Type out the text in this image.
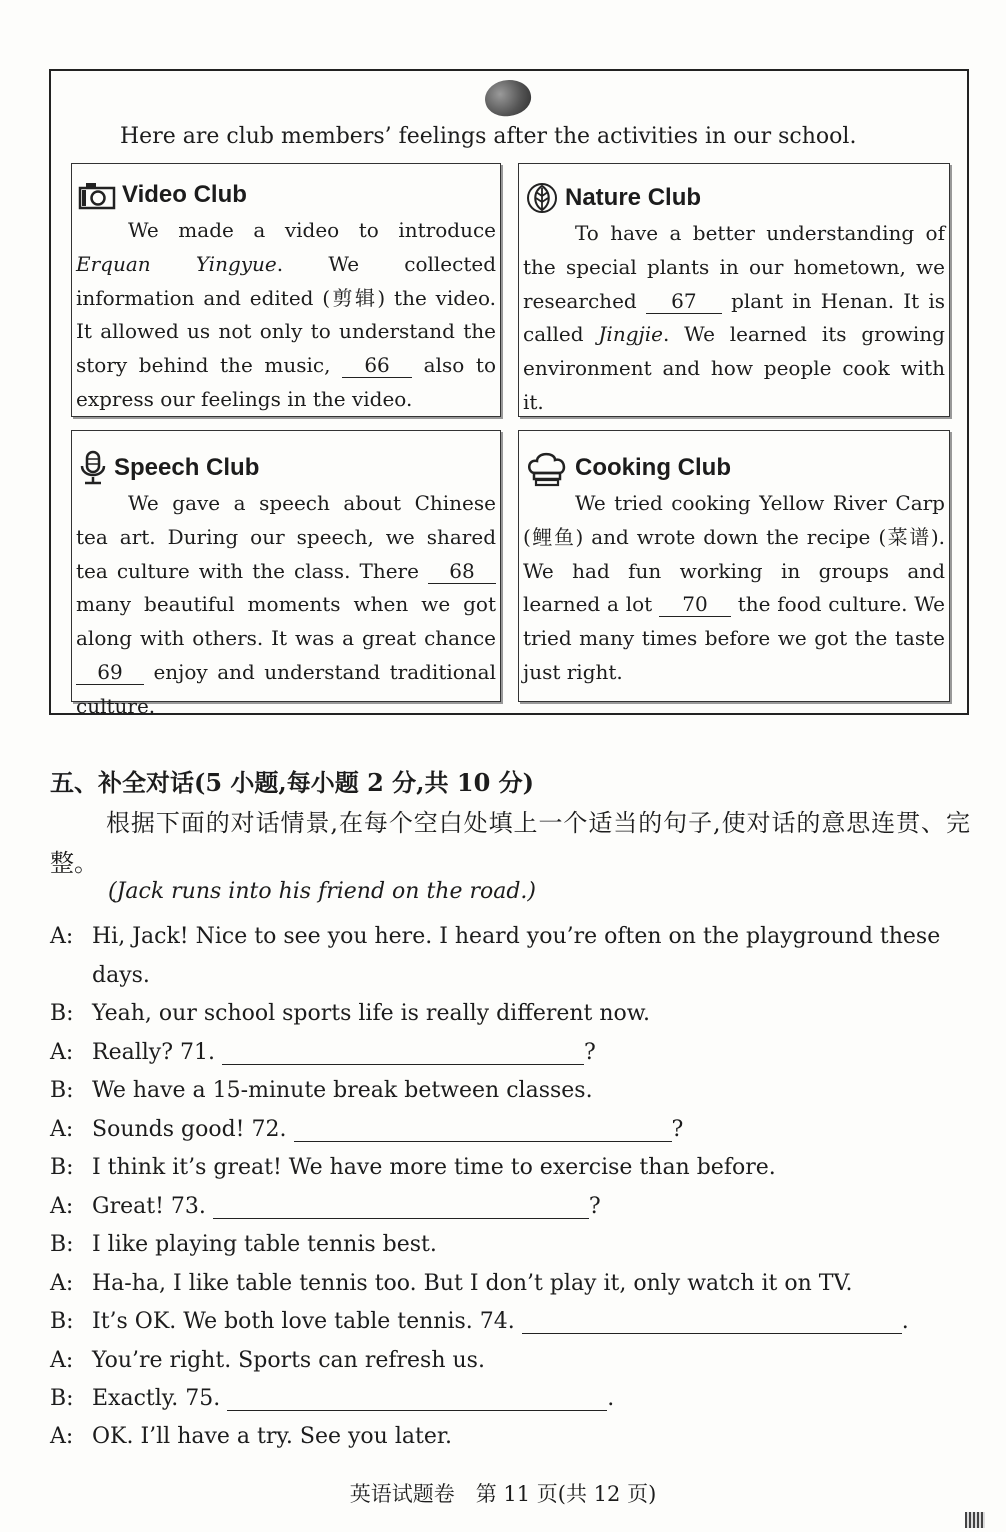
Here are club members’ feelings after the activities in our school.
Video Club
We made a video to introduce Erquan Yingyue. We collected information and edited (剪辑) the video. It allowed us not only to understand the story behind the music, 66 also to express our feelings in the video.
Nature Club
To have a better understanding of the special plants in our hometown, we researched 67 plant in Henan. It is called Jingjie. We learned its growing environment and how people cook with it.
Speech Club
We gave a speech about Chinese tea art. During our speech, we shared tea culture with the class. There 68 many beautiful moments when we got along with others. It was a great chance 69 enjoy and understand traditional culture.
Cooking Club
We tried cooking Yellow River Carp (鲤鱼) and wrote down the recipe (菜谱). We had fun working in groups and learned a lot 70 the food culture. We tried many times before we got the taste just right.
五、补全对话(5 小题,每小题 2 分,共 10 分)
根据下面的对话情景,在每个空白处填上一个适当的句子,使对话的意思连贯、完整。
(Jack runs into his friend on the road.)
A: Hi, Jack! Nice to see you here. I heard you’re often on the playground these
days.
B: Yeah, our school sports life is really different now.
A: Really? 71.	?
B: We have a 15-minute break between classes.
A: Sounds good! 72.	?
B: I think it’s great! We have more time to exercise than before.
A: Great! 73.	?
B: I like playing table tennis best.
A: Ha-ha, I like table tennis too. But I don’t play it, only watch it on TV.
B: It’s OK. We both love table tennis. 74.	.
A: You’re right. Sports can refresh us.
B: Exactly. 75.	.
A: OK. I’ll have a try. See you later.
英语试题卷　第 11 页(共 12 页)
